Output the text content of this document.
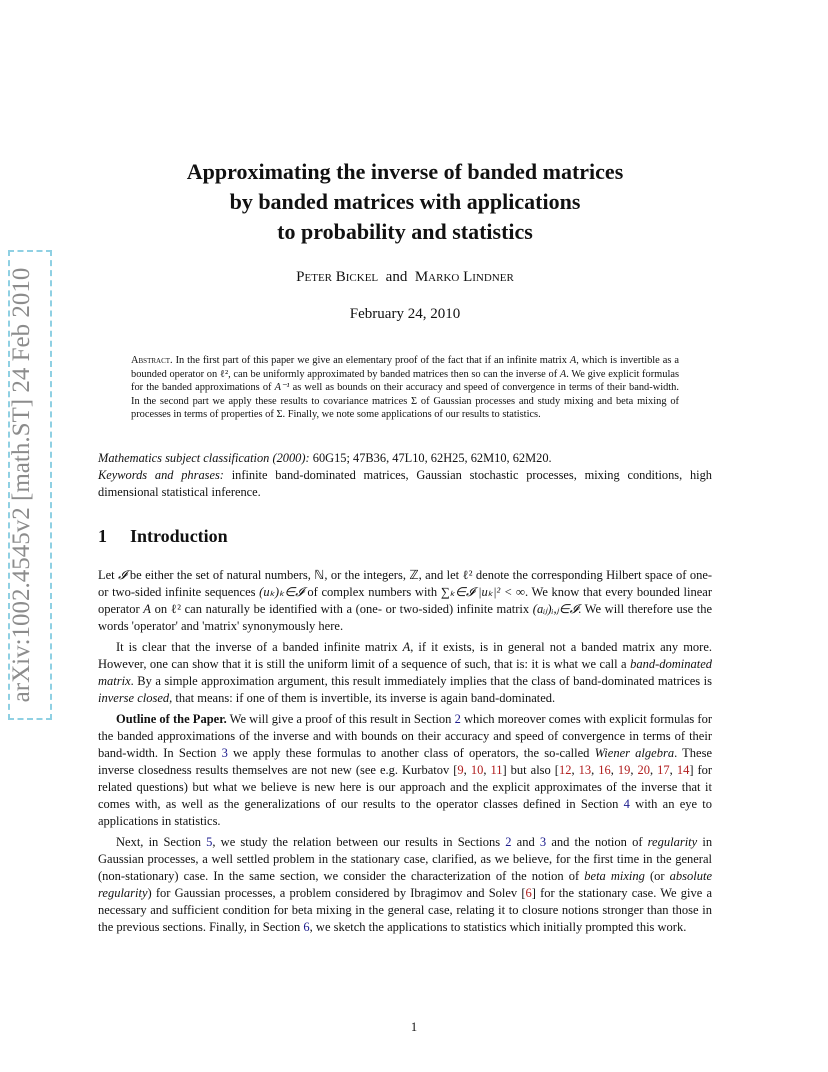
arXiv:1002.4545v2 [math.ST] 24 Feb 2010
Approximating the inverse of banded matrices
by banded matrices with applications
to probability and statistics
Peter Bickel and Marko Lindner
February 24, 2010
Abstract. In the first part of this paper we give an elementary proof of the fact that if an infinite matrix A, which is invertible as a bounded operator on ℓ², can be uniformly approximated by banded matrices then so can the inverse of A. We give explicit formulas for the banded approximations of A⁻¹ as well as bounds on their accuracy and speed of convergence in terms of their band-width. In the second part we apply these results to covariance matrices Σ of Gaussian processes and study mixing and beta mixing of processes in terms of properties of Σ. Finally, we note some applications of our results to statistics.
Mathematics subject classification (2000): 60G15; 47B36, 47L10, 62H25, 62M10, 62M20.
Keywords and phrases: infinite band-dominated matrices, Gaussian stochastic processes, mixing conditions, high dimensional statistical inference.
1 Introduction

Let 𝓘 be either the set of natural numbers, ℕ, or the integers, ℤ, and let ℓ² denote the corresponding Hilbert space of one- or two-sided infinite sequences (uₖ)ₖ∈𝓘 of complex numbers with ∑ₖ∈𝓘 |uₖ|² < ∞. We know that every bounded linear operator A on ℓ² can naturally be identified with a (one- or two-sided) infinite matrix (aᵢⱼ)ᵢ,ⱼ∈𝓘. We will therefore use the words 'operator' and 'matrix' synonymously here.

It is clear that the inverse of a banded infinite matrix A, if it exists, is in general not a banded matrix any more. However, one can show that it is still the uniform limit of a sequence of such, that is: it is what we call a band-dominated matrix. By a simple approximation argument, this result immediately implies that the class of band-dominated matrices is inverse closed, that means: if one of them is invertible, its inverse is again band-dominated.

Outline of the Paper. We will give a proof of this result in Section 2 which moreover comes with explicit formulas for the banded approximations of the inverse and with bounds on their accuracy and speed of convergence in terms of their band-width. In Section 3 we apply these formulas to another class of operators, the so-called Wiener algebra. These inverse closedness results themselves are not new (see e.g. Kurbatov [9, 10, 11] but also [12, 13, 16, 19, 20, 17, 14] for related questions) but what we believe is new here is our approach and the explicit approximates of the inverse that it comes with, as well as the generalizations of our results to the operator classes defined in Section 4 with an eye to applications in statistics.

Next, in Section 5, we study the relation between our results in Sections 2 and 3 and the notion of regularity in Gaussian processes, a well settled problem in the stationary case, clarified, as we believe, for the first time in the general (non-stationary) case. In the same section, we consider the characterization of the notion of beta mixing (or absolute regularity) for Gaussian processes, a problem considered by Ibragimov and Solev [6] for the stationary case. We give a necessary and sufficient condition for beta mixing in the general case, relating it to closure notions stronger than those in the previous sections. Finally, in Section 6, we sketch the applications to statistics which initially prompted this work.

1
